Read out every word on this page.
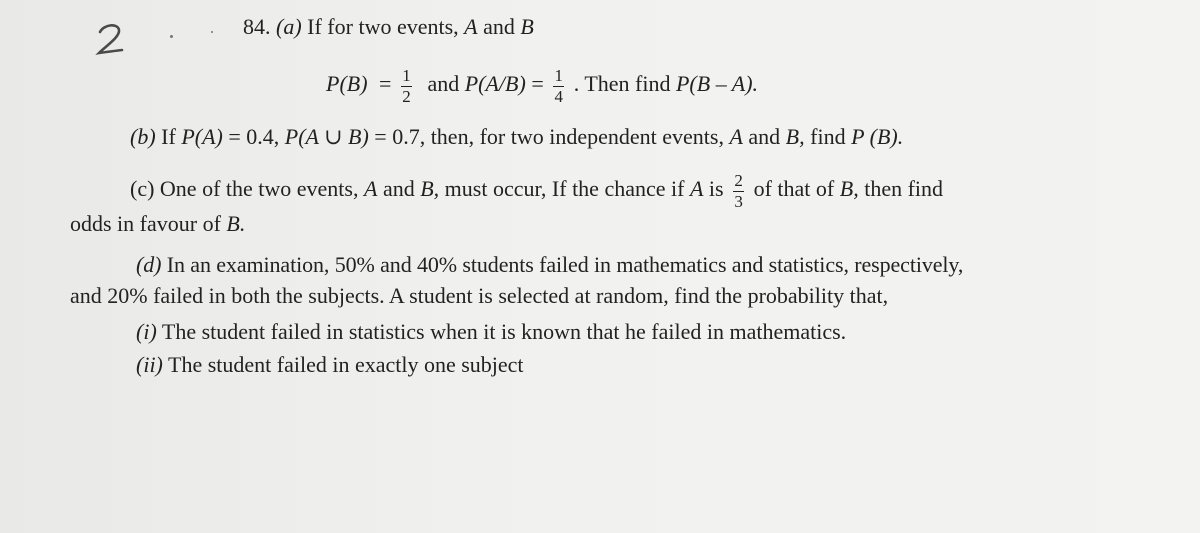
84. (a) If for two events, A and B
$P(B) = \frac{1}{2}$ and $P(A/B) = \frac{1}{4}$ . Then find P(B – A).
(b) If P(A) = 0.4, P(A ∪ B) = 0.7, then, for two independent events, A and B, find P (B).
(c) One of the two events, A and B, must occur, If the chance if A is $\frac{2}{3}$ of that of B, then find
odds in favour of B.
(d) In an examination, 50% and 40% students failed in mathematics and statistics, respectively,
and 20% failed in both the subjects. A student is selected at random, find the probability that,
(i) The student failed in statistics when it is known that he failed in mathematics.
(ii) The student failed in exactly one subject
